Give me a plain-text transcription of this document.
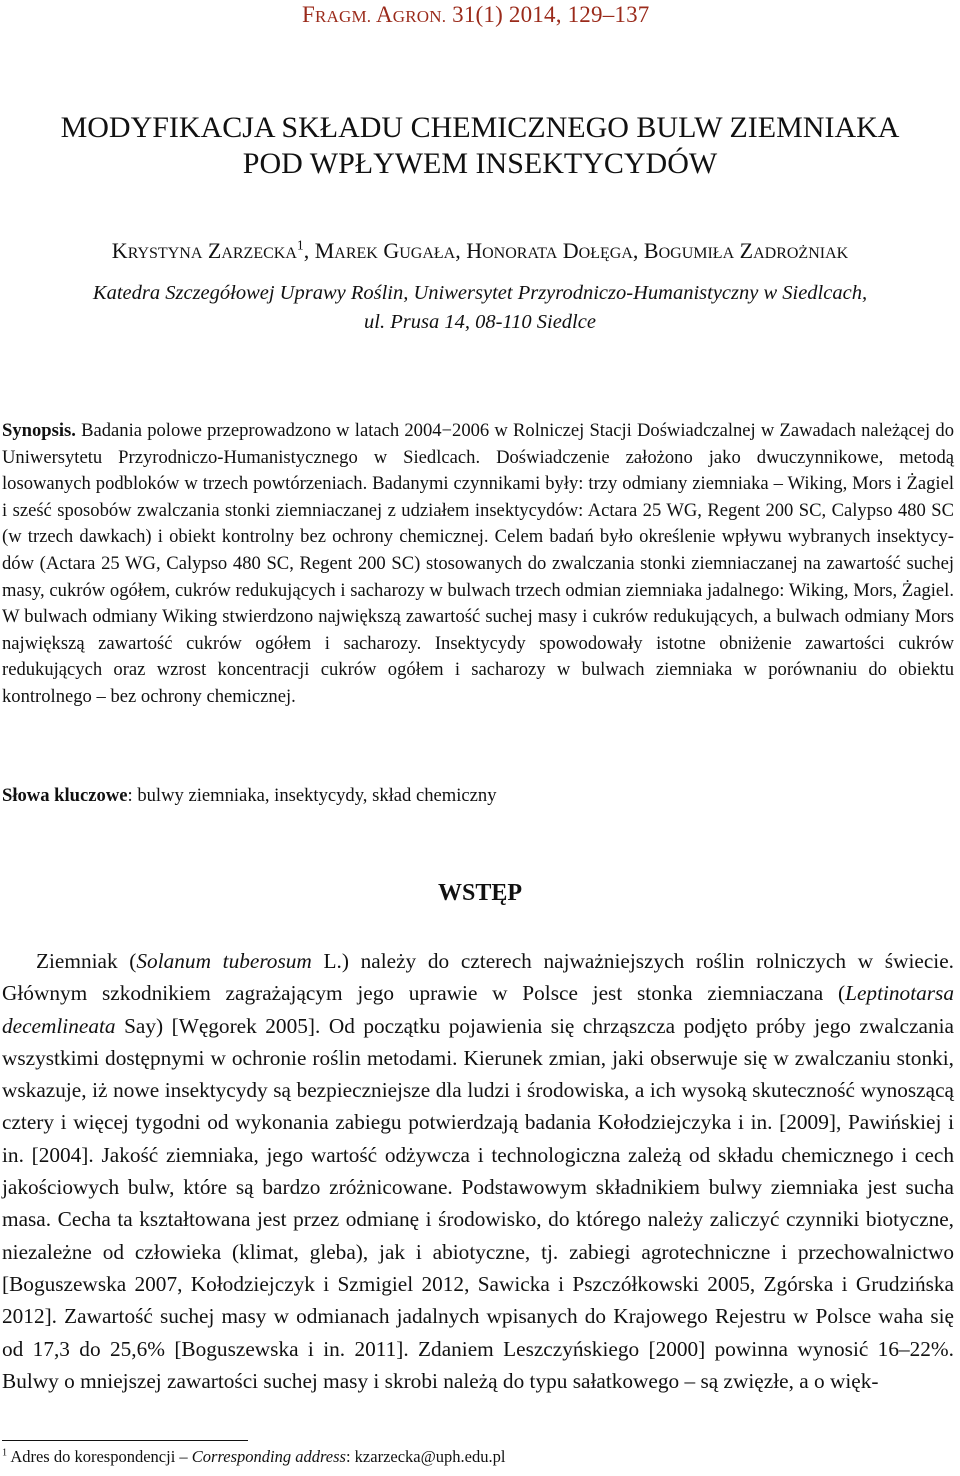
FRAGM. AGRON. 31(1) 2014, 129–137
MODYFIKACJA SKŁADU CHEMICZNEGO BULW ZIEMNIAKA
POD WPŁYWEM INSEKTYCYDÓW
KRYSTYNA ZARZECKA$^1$, MAREK GUGAŁA, HONORATA DOŁĘGA, BOGUMIŁA ZADROŻNIAK
Katedra Szczegółowej Uprawy Roślin, Uniwersytet Przyrodniczo-Humanistyczny w Siedlcach,
ul. Prusa 14, 08-110 Siedlce

Synopsis. Badania polowe przeprowadzono w latach 2004−2006 w Rolniczej Stacji Doświadczalnej w Zawadach należącej do Uniwersytetu Przyrodniczo-Humanistycznego w Siedlcach. Doświadczenie założono jako dwuczynnikowe, metodą losowanych podbloków w trzech powtórzeniach. Badanymi czynnikami były: trzy odmiany ziemniaka – Wiking, Mors i Żagiel i sześć sposobów zwalczania stonki ziemniaczanej z udziałem insektycydów: Actara 25 WG, Regent 200 SC, Calypso 480 SC (w trzech dawkach) i obiekt kontrolny bez ochrony chemicznej. Celem badań było określenie wpływu wybranych insektycydów (Actara 25 WG, Calypso 480 SC, Regent 200 SC) stosowanych do zwalczania stonki ziemniaczanej na zawartość suchej masy, cukrów ogółem, cukrów redukujących i sacharozy w bulwach trzech odmian ziemniaka jadalnego: Wiking, Mors, Żagiel. W bulwach odmiany Wiking stwierdzono największą zawartość suchej masy i cukrów redukujących, a bulwach odmiany Mors największą zawartość cukrów ogółem i sacharozy. Insektycydy spowodowały istotne obniżenie zawartości cukrów redukujących oraz wzrost koncentracji cukrów ogółem i sacharozy w bulwach ziemniaka w porównaniu do obiektu kontrolnego – bez ochrony chemicznej.

Słowa kluczowe: bulwy ziemniaka, insektycydy, skład chemiczny

WSTĘP

Ziemniak (Solanum tuberosum L.) należy do czterech najważniejszych roślin rolniczych w świecie. Głównym szkodnikiem zagrażającym jego uprawie w Polsce jest stonka ziemniaczana (Leptinotarsa decemlineata Say) [Węgorek 2005]. Od początku pojawienia się chrząszcza podjęto próby jego zwalczania wszystkimi dostępnymi w ochronie roślin metodami. Kierunek zmian, jaki obserwuje się w zwalczaniu stonki, wskazuje, iż nowe insektycydy są bezpieczniejsze dla ludzi i środowiska, a ich wysoką skuteczność wynoszącą cztery i więcej tygodni od wykonania zabiegu potwierdzają badania Kołodziejczyka i in. [2009], Pawińskiej i in. [2004]. Jakość ziemniaka, jego wartość odżywcza i technologiczna zależą od składu chemicznego i cech jakościowych bulw, które są bardzo zróżnicowane. Podstawowym składnikiem bulwy ziemniaka jest sucha masa. Cecha ta kształtowana jest przez odmianę i środowisko, do którego należy zaliczyć czynniki biotyczne, niezależne od człowieka (klimat, gleba), jak i abiotyczne, tj. zabiegi agrotechniczne i przechowalnictwo [Boguszewska 2007, Kołodziejczyk i Szmigiel 2012, Sawicka i Pszczółkowski 2005, Zgórska i Grudzińska 2012]. Zawartość suchej masy w odmianach jadalnych wpisanych do Krajowego Rejestru w Polsce waha się od 17,3 do 25,6% [Boguszewska i in. 2011]. Zdaniem Leszczyńskiego [2000] powinna wynosić 16–22%. Bulwy o mniejszej zawartości suchej masy i skrobi należą do typu sałatkowego – są zwięzłe, a o więk-

$^1$ Adres do korespondencji – Corresponding address: kzarzecka@uph.edu.pl
